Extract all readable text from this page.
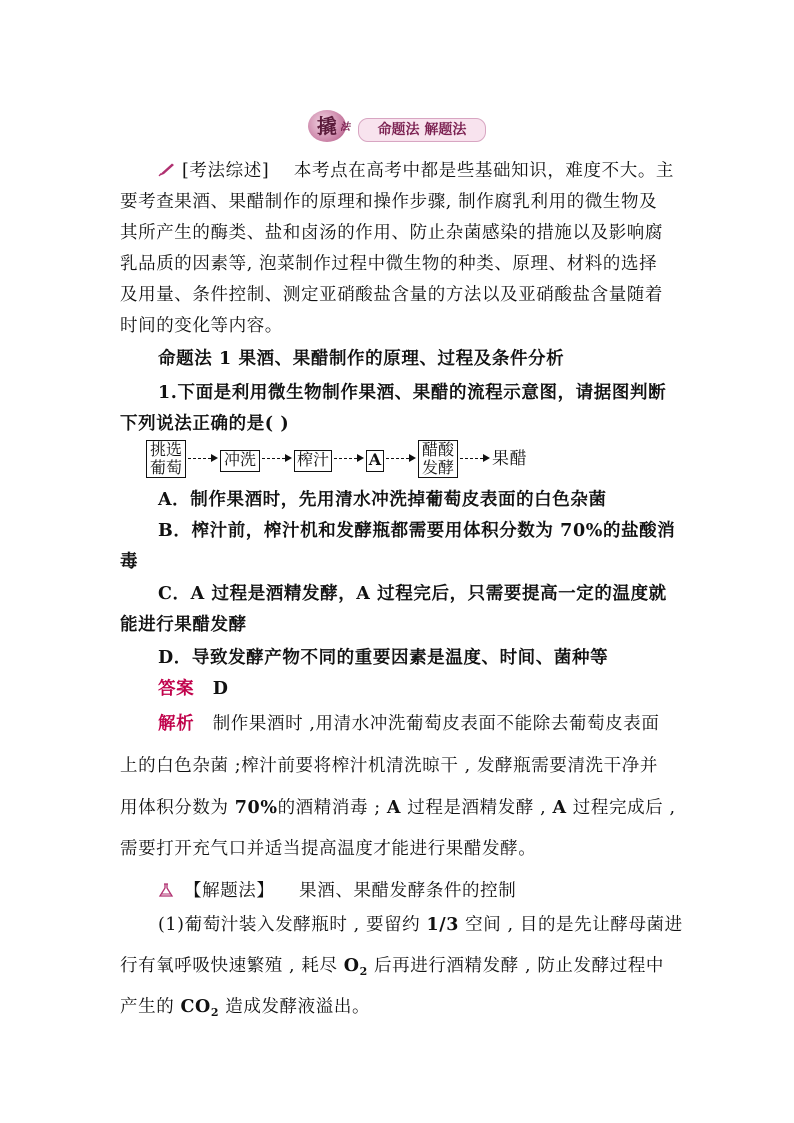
撬 法	命题法 解题法
[考法综述] 本考点在高考中都是些基础知识，难度不大。主
要考查果酒、果醋制作的原理和操作步骤, 制作腐乳利用的微生物及
其所产生的酶类、盐和卤汤的作用、防止杂菌感染的措施以及影响腐
乳品质的因素等, 泡菜制作过程中微生物的种类、原理、材料的选择
及用量、条件控制、测定亚硝酸盐含量的方法以及亚硝酸盐含量随着
时间的变化等内容。
命题法 1 果酒、果醋制作的原理、过程及条件分析
1.下面是利用微生物制作果酒、果醋的流程示意图，请据图判断
下列说法正确的是( )
挑选
葡萄	冲洗	榨汁 A
醋酸
发酵 果醋
A．制作果酒时，先用清水冲洗掉葡萄皮表面的白色杂菌
B．榨汁前，榨汁机和发酵瓶都需要用体积分数为 70%的盐酸消
毒
C．A 过程是酒精发酵，A 过程完后，只需要提高一定的温度就
能进行果醋发酵
D．导致发酵产物不同的重要因素是温度、时间、菌种等
答案 D
解析 制作果酒时 ,用清水冲洗葡萄皮表面不能除去葡萄皮表面
上的白色杂菌 ;榨汁前要将榨汁机清洗晾干 , 发酵瓶需要清洗干净并
用体积分数为 70%的酒精消毒 ; A 过程是酒精发酵 , A 过程完成后 ,
需要打开充气口并适当提高温度才能进行果醋发酵。
【解题法】 果酒、果醋发酵条件的控制
(1)葡萄汁装入发酵瓶时 , 要留约 1/3 空间 , 目的是先让酵母菌进
行有氧呼吸快速繁殖 , 耗尽 $O_2$ 后再进行酒精发酵 , 防止发酵过程中
产生的 $CO_2$ 造成发酵液溢出。
